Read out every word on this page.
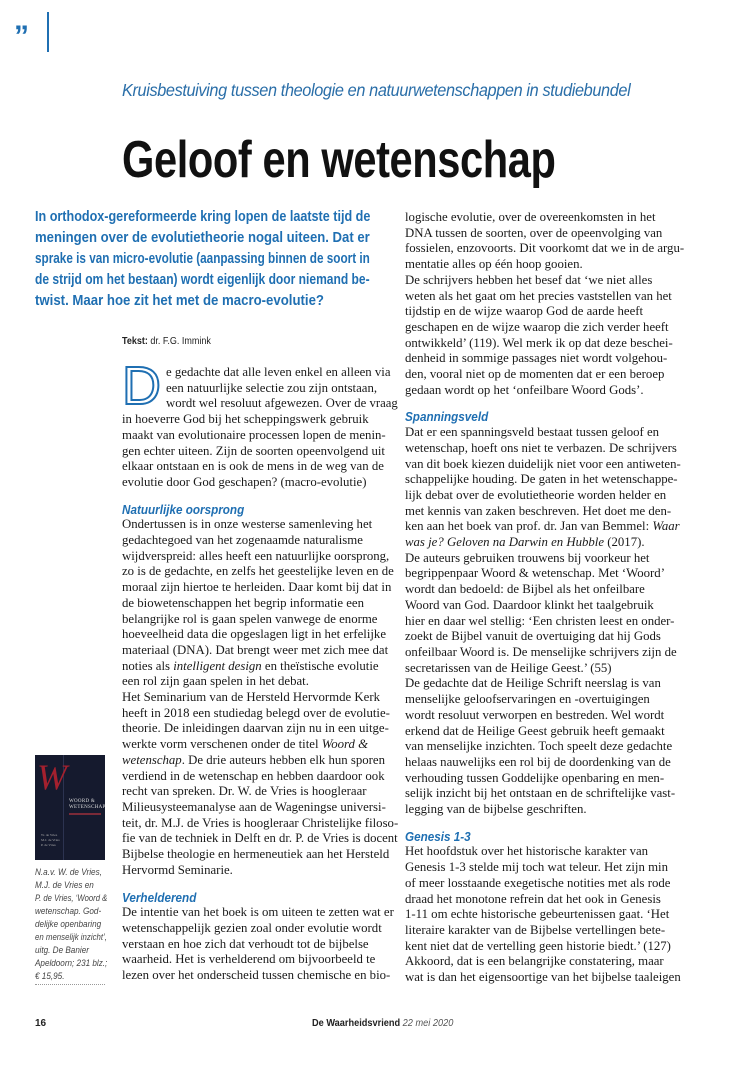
”
Kruisbestuiving tussen theologie en natuurwetenschappen in studiebundel
Geloof en wetenschap
In orthodox-gereformeerde kring lopen de laatste tijd de
meningen over de evolutietheorie nogal uiteen. Dat er
sprake is van micro-evolutie (aanpassing binnen de soort in
de strijd om het bestaan) wordt eigenlijk door niemand be-
twist. Maar hoe zit het met de macro-evolutie?
Tekst: dr. F.G. Immink
D e gedachte dat alle leven enkel en alleen via
een natuurlijke selectie zou zijn ontstaan,
wordt wel resoluut afgewezen. Over de vraag
in hoeverre God bij het scheppingswerk gebruik
maakt van evolutionaire processen lopen de menin-
gen echter uiteen. Zijn de soorten opeenvolgend uit
elkaar ontstaan en is ook de mens in de weg van de
evolutie door God geschapen? (macro-evolutie)
Natuurlijke oorsprong
Ondertussen is in onze westerse samenleving het
gedachtegoed van het zogenaamde naturalisme
wijdverspreid: alles heeft een natuurlijke oorsprong,
zo is de gedachte, en zelfs het geestelijke leven en de
moraal zijn hiertoe te herleiden. Daar komt bij dat in
de biowetenschappen het begrip informatie een
belangrijke rol is gaan spelen vanwege de enorme
hoeveelheid data die opgeslagen ligt in het erfelijke
materiaal (DNA). Dat brengt weer met zich mee dat
noties als intelligent design en theïstische evolutie
een rol zijn gaan spelen in het debat.
Het Seminarium van de Hersteld Hervormde Kerk
heeft in 2018 een studiedag belegd over de evolutie-
theorie. De inleidingen daarvan zijn nu in een uitge-
werkte vorm verschenen onder de titel Woord &
wetenschap. De drie auteurs hebben elk hun sporen
verdiend in de wetenschap en hebben daardoor ook
recht van spreken. Dr. W. de Vries is hoogleraar
Milieusysteemanalyse aan de Wageningse universi-
teit, dr. M.J. de Vries is hoogleraar Christelijke filoso-
fie van de techniek in Delft en dr. P. de Vries is docent
Bijbelse theologie en hermeneutiek aan het Hersteld
Hervormd Seminarie.
Verhelderend
De intentie van het boek is om uiteen te zetten wat er
wetenschappelijk gezien zoal onder evolutie wordt
verstaan en hoe zich dat verhoudt tot de bijbelse
waarheid. Het is verhelderend om bijvoorbeeld te
lezen over het onderscheid tussen chemische en bio-
logische evolutie, over de overeenkomsten in het
DNA tussen de soorten, over de opeenvolging van
fossielen, enzovoorts. Dit voorkomt dat we in de argu-
mentatie alles op één hoop gooien.
De schrijvers hebben het besef dat ‘we niet alles
weten als het gaat om het precies vaststellen van het
tijdstip en de wijze waarop God de aarde heeft
geschapen en de wijze waarop die zich verder heeft
ontwikkeld’ (119). Wel merk ik op dat deze beschei-
denheid in sommige passages niet wordt volgehou-
den, vooral niet op de momenten dat er een beroep
gedaan wordt op het ‘onfeilbare Woord Gods’.
Spanningsveld
Dat er een spanningsveld bestaat tussen geloof en
wetenschap, hoeft ons niet te verbazen. De schrijvers
van dit boek kiezen duidelijk niet voor een antiweten-
schappelijke houding. De gaten in het wetenschappe-
lijk debat over de evolutietheorie worden helder en
met kennis van zaken beschreven. Het doet me den-
ken aan het boek van prof. dr. Jan van Bemmel: Waar
was je? Geloven na Darwin en Hubble (2017).
De auteurs gebruiken trouwens bij voorkeur het
begrippenpaar Woord & wetenschap. Met ‘Woord’
wordt dan bedoeld: de Bijbel als het onfeilbare
Woord van God. Daardoor klinkt het taalgebruik
hier en daar wel stellig: ‘Een christen leest en onder-
zoekt de Bijbel vanuit de overtuiging dat hij Gods
onfeilbaar Woord is. De menselijke schrijvers zijn de
secretarissen van de Heilige Geest.’ (55)
De gedachte dat de Heilige Schrift neerslag is van
menselijke geloofservaringen en -overtuigingen
wordt resoluut verworpen en bestreden. Wel wordt
erkend dat de Heilige Geest gebruik heeft gemaakt
van menselijke inzichten. Toch speelt deze gedachte
helaas nauwelijks een rol bij de doordenking van de
verhouding tussen Goddelijke openbaring en men-
selijk inzicht bij het ontstaan en de schriftelijke vast-
legging van de bijbelse geschriften.
Genesis 1-3
Het hoofdstuk over het historische karakter van
Genesis 1-3 stelde mij toch wat teleur. Het zijn min
of meer losstaande exegetische notities met als rode
draad het monotone refrein dat het ook in Genesis
1-11 om echte historische gebeurtenissen gaat. ‘Het
literaire karakter van de Bijbelse vertellingen bete-
kent niet dat de vertelling geen historie biedt.’ (127)
Akkoord, dat is een belangrijke constatering, maar
wat is dan het eigensoortige van het bijbelse taaleigen
W
WOORD &
WETENSCHAP
W. de Vries
M.J. de Vries
P. de Vries
N.a.v. W. de Vries,
M.J. de Vries en
P. de Vries, ‘Woord &
wetenschap. God-
delijke openbaring
en menselijk inzicht’,
uitg. De Banier
Apeldoorn; 231 blz.;
€ 15,95.
16	De Waarheidsvriend 22 mei 2020
